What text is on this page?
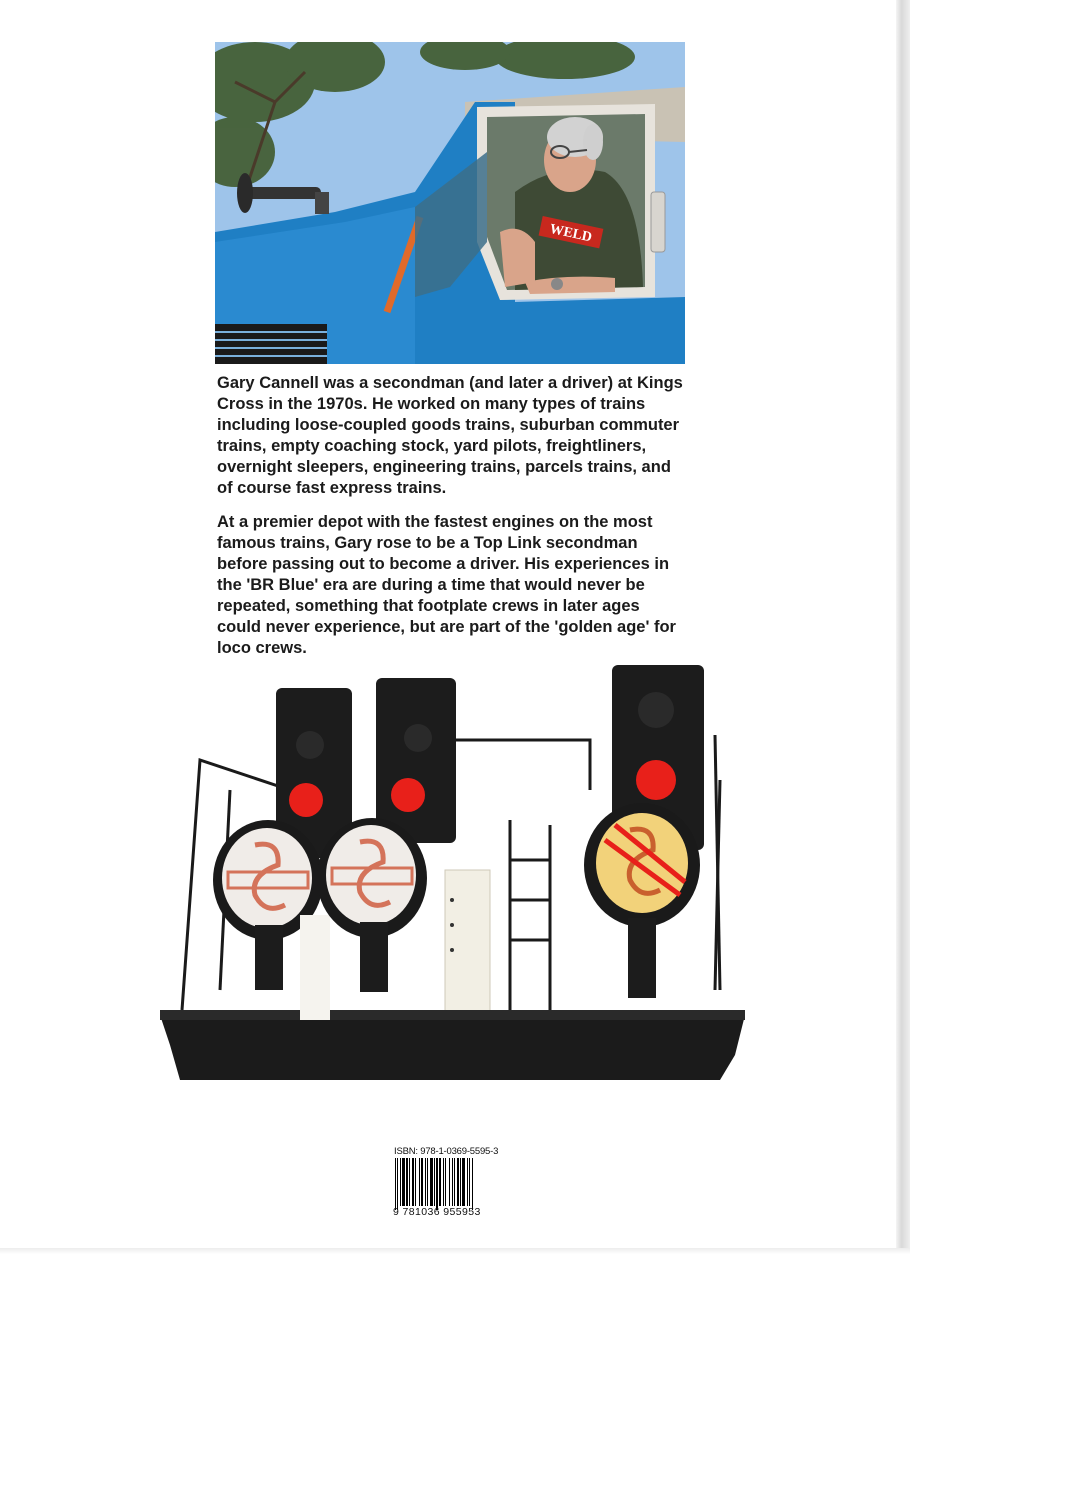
WELD

Gary Cannell was a secondman (and later a driver) at Kings Cross in the 1970s. He worked on many types of trains including loose-coupled goods trains, suburban commuter trains, empty coaching stock, yard pilots, freightliners, overnight sleepers, engineering trains, parcels trains, and of course fast express trains.

At a premier depot with the fastest engines on the most famous trains, Gary rose to be a Top Link secondman before passing out to become a driver. His experiences in the 'BR Blue' era are during a time that would never be repeated, something that footplate crews in later ages could never experience, but are part of the 'golden age' for loco crews.

ISBN: 978-1-0369-5595-3
9 781036 955953
